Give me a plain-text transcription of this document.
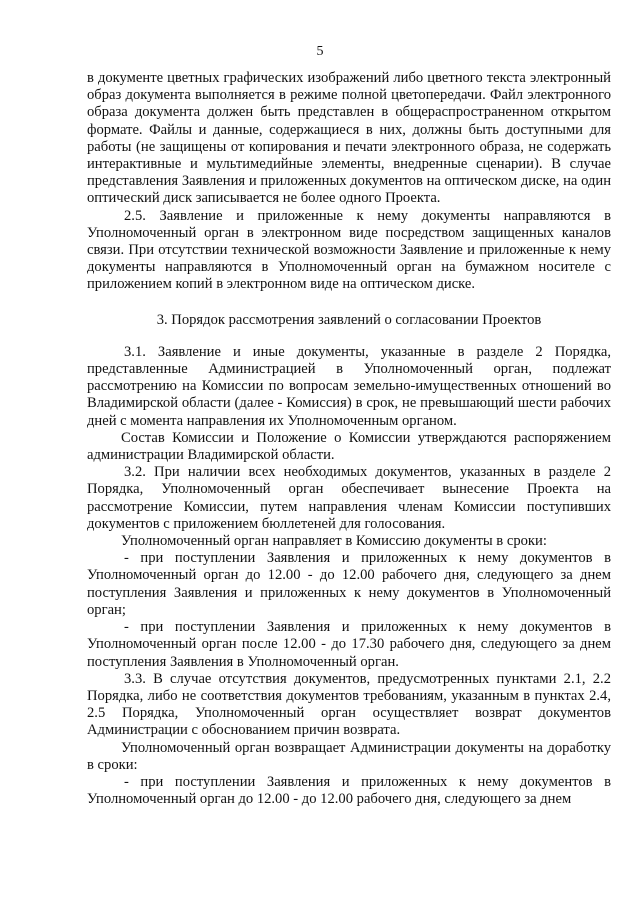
5

в документе цветных графических изображений либо цветного текста электронный образ документа выполняется в режиме полной цветопередачи. Файл электронного образа документа должен быть представлен в общераспространенном открытом формате. Файлы и данные, содержащиеся в них, должны быть доступными для работы (не защищены от копирования и печати электронного образа, не содержать интерактивные и мультимедийные элементы, внедренные сценарии). В случае представления Заявления и приложенных документов на оптическом диске, на один оптический диск записывается не более одного Проекта.

2.5. Заявление и приложенные к нему документы направляются в Уполномоченный орган в электронном виде посредством защищенных каналов связи. При отсутствии технической возможности Заявление и приложенные к нему документы направляются в Уполномоченный орган на бумажном носителе с приложением копий в электронном виде на оптическом диске.

3. Порядок рассмотрения заявлений о согласовании Проектов

3.1. Заявление и иные документы, указанные в разделе 2 Порядка, представленные Администрацией в Уполномоченный орган, подлежат рассмотрению на Комиссии по вопросам земельно-имущественных отношений во Владимирской области (далее - Комиссия) в срок, не превышающий шести рабочих дней с момента направления их Уполномоченным органом.

Состав Комиссии и Положение о Комиссии утверждаются распоряжением администрации Владимирской области.

3.2. При наличии всех необходимых документов, указанных в разделе 2 Порядка, Уполномоченный орган обеспечивает вынесение Проекта на рассмотрение Комиссии, путем направления членам Комиссии поступивших документов с приложением бюллетеней для голосования.

Уполномоченный орган направляет в Комиссию документы в сроки:

- при поступлении Заявления и приложенных к нему документов в Уполномоченный орган до 12.00 - до 12.00 рабочего дня, следующего за днем поступления Заявления и приложенных к нему документов в Уполномоченный орган;

- при поступлении Заявления и приложенных к нему документов в Уполномоченный орган после 12.00 - до 17.30 рабочего дня, следующего за днем поступления Заявления в Уполномоченный орган.

3.3. В случае отсутствия документов, предусмотренных пунктами 2.1, 2.2 Порядка, либо не соответствия документов требованиям, указанным в пунктах 2.4, 2.5 Порядка, Уполномоченный орган осуществляет возврат документов Администрации с обоснованием причин возврата.

Уполномоченный орган возвращает Администрации документы на доработку в сроки:

- при поступлении Заявления и приложенных к нему документов в Уполномоченный орган до 12.00 - до 12.00 рабочего дня, следующего за днем
